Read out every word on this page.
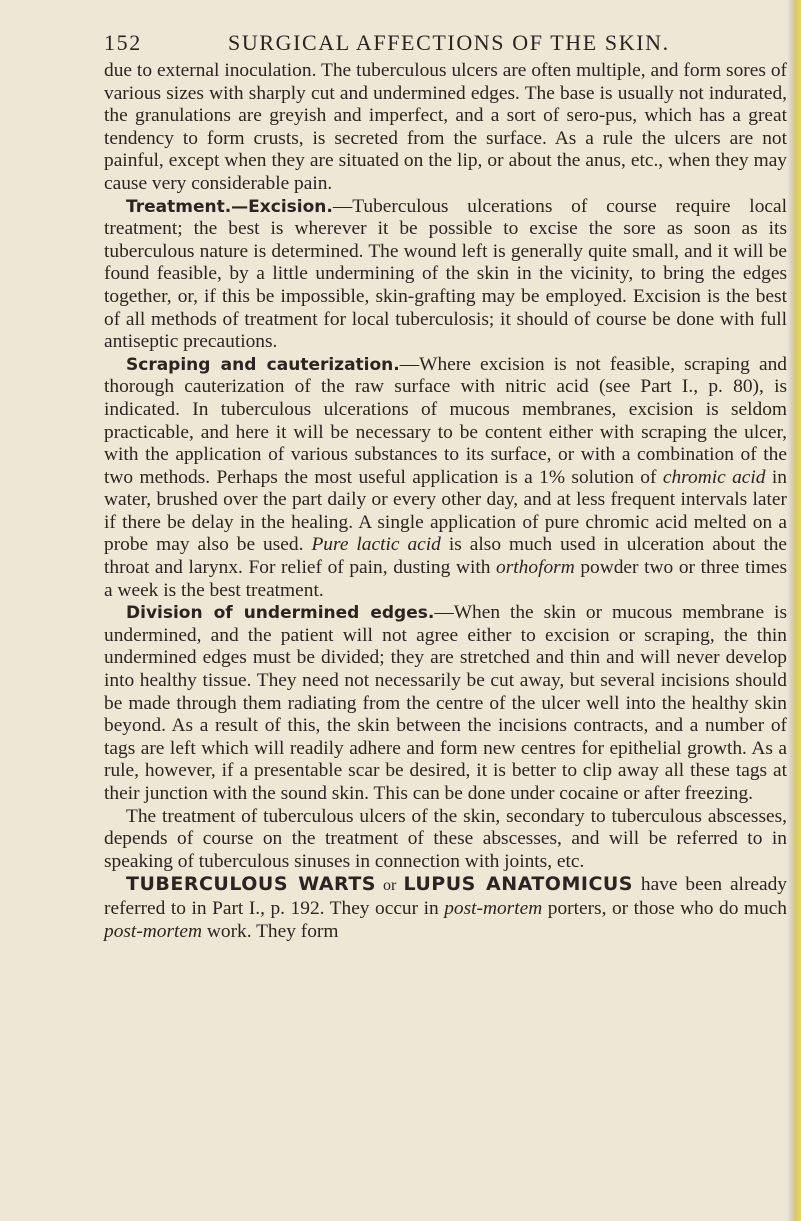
152	SURGICAL AFFECTIONS OF THE SKIN.

due to external inoculation. The tuberculous ulcers are often multiple, and form sores of various sizes with sharply cut and undermined edges. The base is usually not indurated, the granulations are greyish and imperfect, and a sort of sero-pus, which has a great tendency to form crusts, is secreted from the surface. As a rule the ulcers are not painful, except when they are situated on the lip, or about the anus, etc., when they may cause very considerable pain.

Treatment.—Excision.—Tuberculous ulcerations of course require local treatment; the best is wherever it be possible to excise the sore as soon as its tuberculous nature is determined. The wound left is generally quite small, and it will be found feasible, by a little undermining of the skin in the vicinity, to bring the edges together, or, if this be impossible, skin-grafting may be employed. Excision is the best of all methods of treatment for local tuberculosis; it should of course be done with full antiseptic precautions.

Scraping and cauterization.—Where excision is not feasible, scraping and thorough cauterization of the raw surface with nitric acid (see Part I., p. 80), is indicated. In tuberculous ulcerations of mucous membranes, excision is seldom practicable, and here it will be necessary to be content either with scraping the ulcer, with the application of various substances to its surface, or with a combination of the two methods. Perhaps the most useful application is a 1% solution of chromic acid in water, brushed over the part daily or every other day, and at less frequent intervals later if there be delay in the healing. A single application of pure chromic acid melted on a probe may also be used. Pure lactic acid is also much used in ulceration about the throat and larynx. For relief of pain, dusting with orthoform powder two or three times a week is the best treatment.

Division of undermined edges.—When the skin or mucous membrane is undermined, and the patient will not agree either to excision or scraping, the thin undermined edges must be divided; they are stretched and thin and will never develop into healthy tissue. They need not necessarily be cut away, but several incisions should be made through them radiating from the centre of the ulcer well into the healthy skin beyond. As a result of this, the skin between the incisions contracts, and a number of tags are left which will readily adhere and form new centres for epithelial growth. As a rule, however, if a presentable scar be desired, it is better to clip away all these tags at their junction with the sound skin. This can be done under cocaine or after freezing.

The treatment of tuberculous ulcers of the skin, secondary to tuberculous abscesses, depends of course on the treatment of these abscesses, and will be referred to in speaking of tuberculous sinuses in connection with joints, etc.

TUBERCULOUS WARTS or LUPUS ANATOMICUS have been already referred to in Part I., p. 192. They occur in post-mortem porters, or those who do much post-mortem work. They form
